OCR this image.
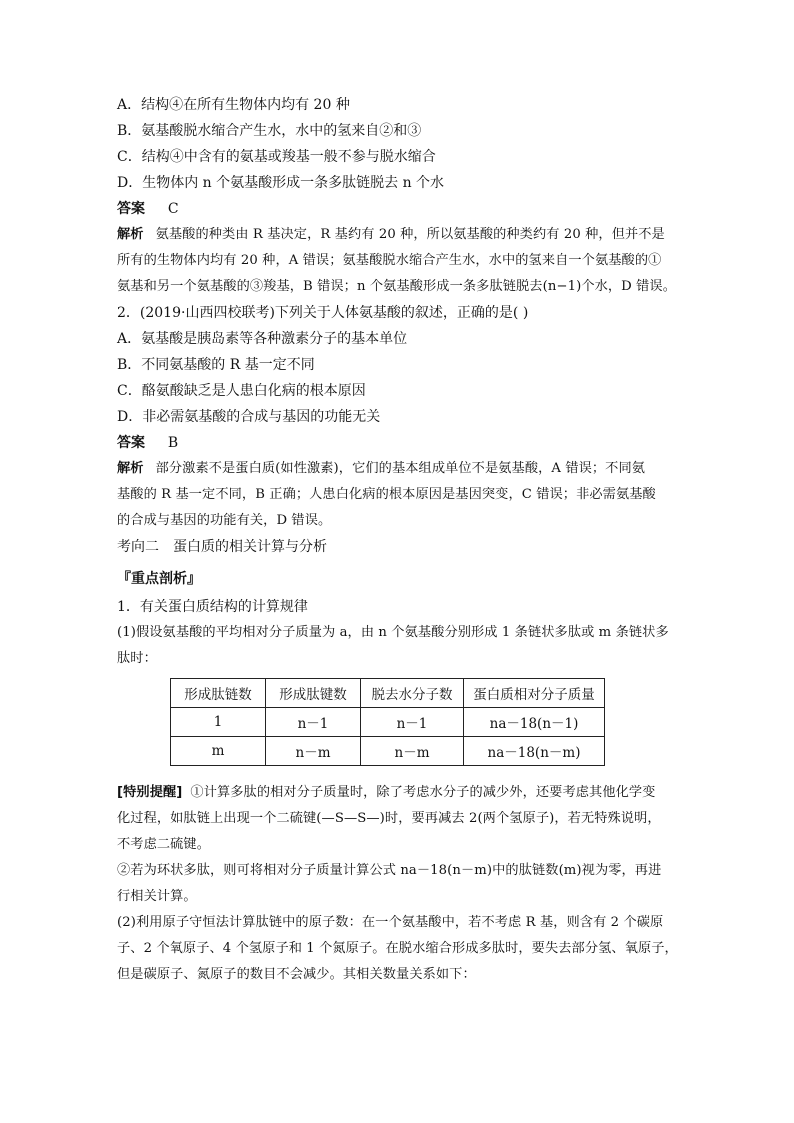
A．结构④在所有生物体内均有 20 种
B．氨基酸脱水缩合产生水，水中的氢来自②和③
C．结构④中含有的氨基或羧基一般不参与脱水缩合
D．生物体内 n 个氨基酸形成一条多肽链脱去 n 个水
答案 C
解析 氨基酸的种类由 R 基决定，R 基约有 20 种，所以氨基酸的种类约有 20 种，但并不是
所有的生物体内均有 20 种，A 错误；氨基酸脱水缩合产生水，水中的氢来自一个氨基酸的①
氨基和另一个氨基酸的③羧基，B 错误；n 个氨基酸形成一条多肽链脱去(n−1)个水，D 错误。
2．(2019·山西四校联考)下列关于人体氨基酸的叙述，正确的是( )
A．氨基酸是胰岛素等各种激素分子的基本单位
B．不同氨基酸的 R 基一定不同
C．酪氨酸缺乏是人患白化病的根本原因
D．非必需氨基酸的合成与基因的功能无关
答案 B
解析 部分激素不是蛋白质(如性激素)，它们的基本组成单位不是氨基酸，A 错误；不同氨
基酸的 R 基一定不同，B 正确；人患白化病的根本原因是基因突变，C 错误；非必需氨基酸
的合成与基因的功能有关，D 错误。
考向二　蛋白质的相关计算与分析
『重点剖析』
1．有关蛋白质结构的计算规律
(1)假设氨基酸的平均相对分子质量为 a，由 n 个氨基酸分别形成 1 条链状多肽或 m 条链状多
肽时：
形成肽链数	形成肽键数	脱去水分子数	蛋白质相对分子质量
1	n－1	n－1	na－18(n－1)
m	n－m	n－m	na－18(n－m)
[特别提醒] ①计算多肽的相对分子质量时，除了考虑水分子的减少外，还要考虑其他化学变
化过程，如肽链上出现一个二硫键(—S—S—)时，要再减去 2(两个氢原子)，若无特殊说明，
不考虑二硫键。
②若为环状多肽，则可将相对分子质量计算公式 na－18(n－m)中的肽链数(m)视为零，再进
行相关计算。
(2)利用原子守恒法计算肽链中的原子数：在一个氨基酸中，若不考虑 R 基，则含有 2 个碳原
子、2 个氧原子、4 个氢原子和 1 个氮原子。在脱水缩合形成多肽时，要失去部分氢、氧原子，
但是碳原子、氮原子的数目不会减少。其相关数量关系如下：
